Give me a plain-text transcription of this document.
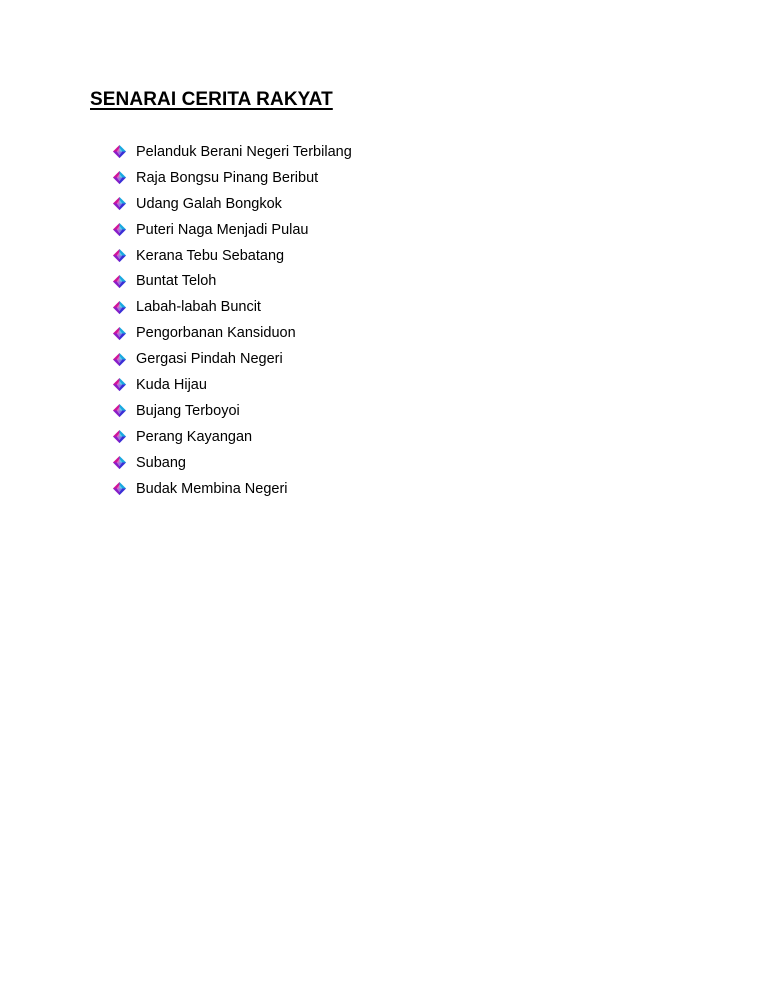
SENARAI CERITA RAKYAT
Pelanduk Berani Negeri Terbilang
Raja Bongsu Pinang Beribut
Udang Galah Bongkok
Puteri Naga Menjadi Pulau
Kerana Tebu Sebatang
Buntat Teloh
Labah-labah Buncit
Pengorbanan Kansiduon
Gergasi Pindah Negeri
Kuda Hijau
Bujang Terboyoi
Perang Kayangan
Subang
Budak Membina Negeri
